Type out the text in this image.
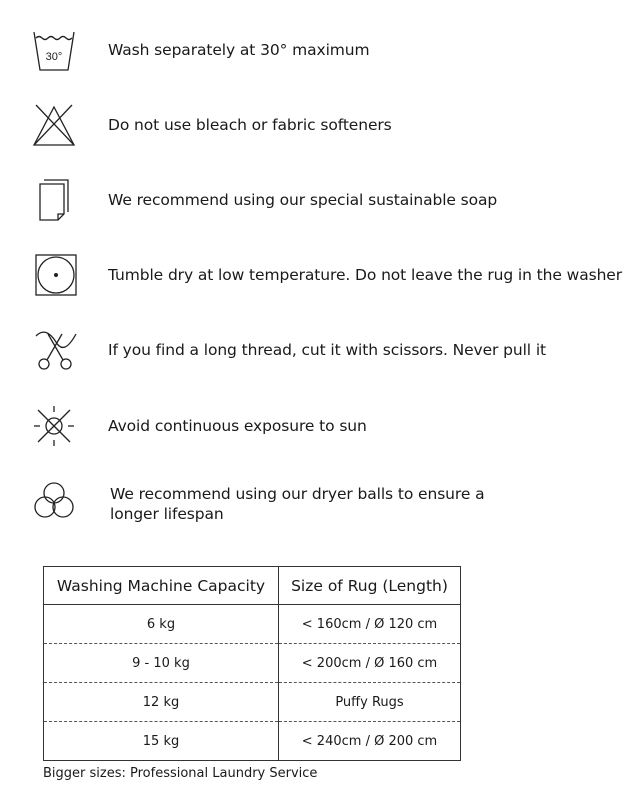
30°	Wash separately at 30° maximum
Do not use bleach or fabric softeners
We recommend using our special sustainable soap
Tumble dry at low temperature. Do not leave the rug in the washer
If you find a long thread, cut it with scissors. Never pull it
Avoid continuous exposure to sun
We recommend using our dryer balls to ensure a longer lifespan
Washing Machine Capacity	Size of Rug (Length)
6 kg	< 160cm / Ø 120 cm
9 - 10 kg	< 200cm / Ø 160 cm
12 kg	Puffy Rugs
15 kg	< 240cm / Ø 200 cm
Bigger sizes: Professional Laundry Service
